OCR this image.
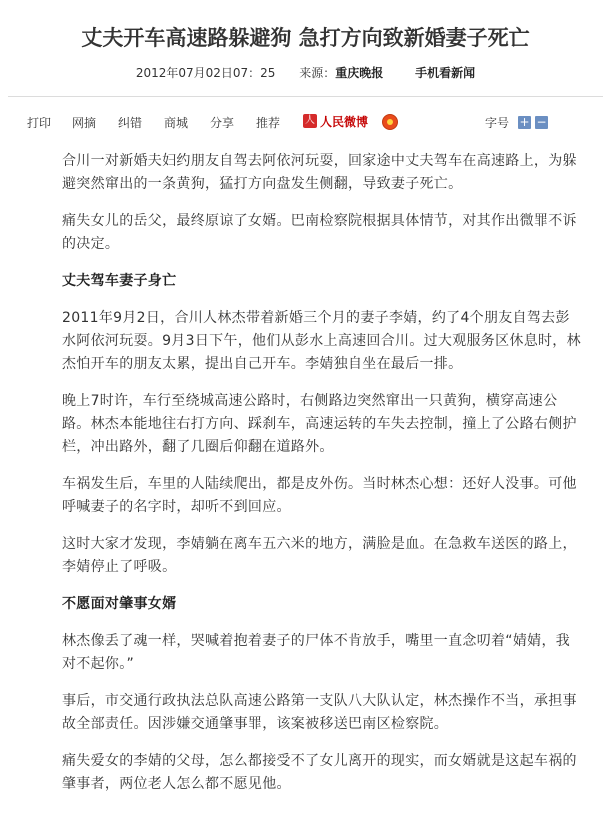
丈夫开车高速路躲避狗 急打方向致新婚妻子死亡
2012年07月02日07：25 来源：重庆晚报	手机看新闻
打印 网摘 纠错 商城 分享 推荐 人 人民微博	字号 + −

合川一对新婚夫妇约朋友自驾去阿依河玩耍，回家途中丈夫驾车在高速路上，为躲避突然窜出的一条黄狗，猛打方向盘发生侧翻，导致妻子死亡。

痛失女儿的岳父，最终原谅了女婿。巴南检察院根据具体情节，对其作出微罪不诉的决定。

丈夫驾车妻子身亡

2011年9月2日，合川人林杰带着新婚三个月的妻子李婧，约了4个朋友自驾去彭水阿依河玩耍。9月3日下午，他们从彭水上高速回合川。过大观服务区休息时，林杰怕开车的朋友太累，提出自己开车。李婧独自坐在最后一排。

晚上7时许，车行至绕城高速公路时，右侧路边突然窜出一只黄狗，横穿高速公路。林杰本能地往右打方向、踩刹车，高速运转的车失去控制，撞上了公路右侧护栏，冲出路外，翻了几圈后仰翻在道路外。

车祸发生后，车里的人陆续爬出，都是皮外伤。当时林杰心想：还好人没事。可他呼喊妻子的名字时，却听不到回应。

这时大家才发现，李婧躺在离车五六米的地方，满脸是血。在急救车送医的路上，李婧停止了呼吸。

不愿面对肇事女婿

林杰像丢了魂一样，哭喊着抱着妻子的尸体不肯放手，嘴里一直念叨着“婧婧，我对不起你。”

事后，市交通行政执法总队高速公路第一支队八大队认定，林杰操作不当，承担事故全部责任。因涉嫌交通肇事罪，该案被移送巴南区检察院。

痛失爱女的李婧的父母，怎么都接受不了女儿离开的现实，而女婿就是这起车祸的肇事者，两位老人怎么都不愿见他。
